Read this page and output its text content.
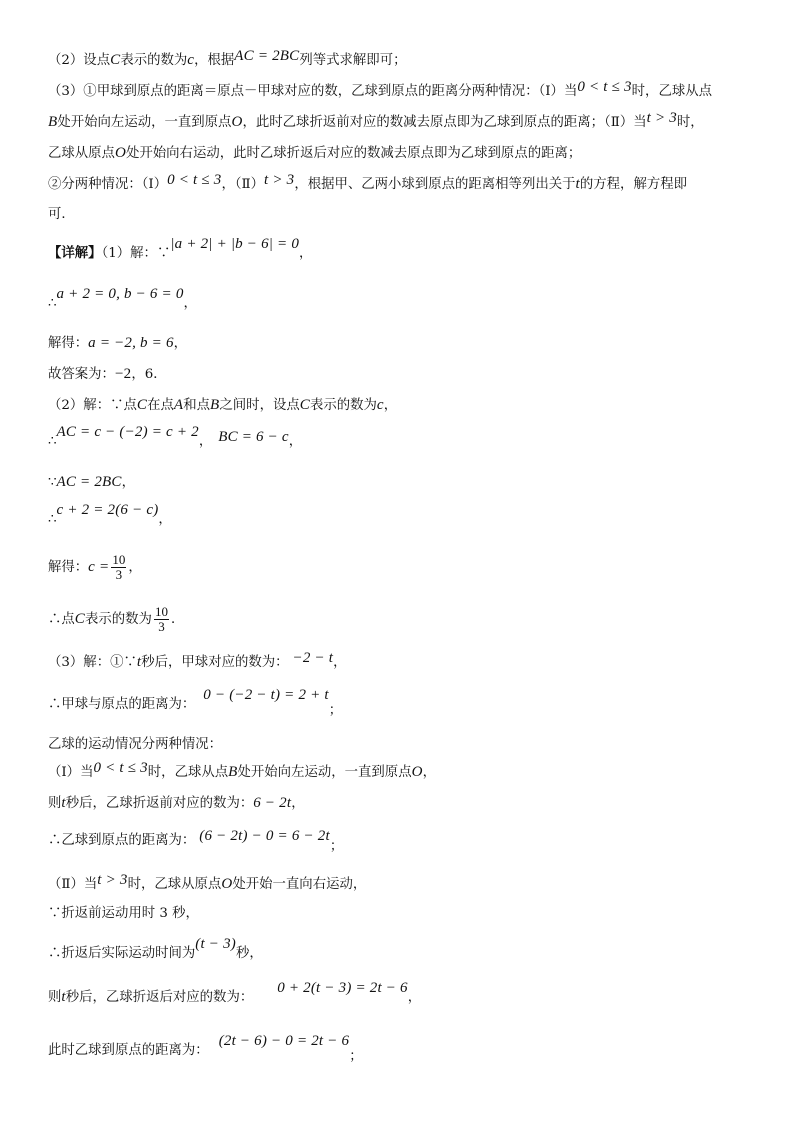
（2）设点C表示的数为c，根据AC = 2BC列等式求解即可；
（3）①甲球到原点的距离＝原点－甲球对应的数，乙球到原点的距离分两种情况：（Ⅰ）当0 < t ≤ 3时，乙球从点
B处开始向左运动，一直到原点O，此时乙球折返前对应的数减去原点即为乙球到原点的距离；（Ⅱ）当t > 3时，
乙球从原点O处开始向右运动，此时乙球折返后对应的数减去原点即为乙球到原点的距离；
②分两种情况：（Ⅰ）0 < t ≤ 3，（Ⅱ）t > 3，根据甲、乙两小球到原点的距离相等列出关于t的方程，解方程即
可．
【详解】（1）解：∵|a + 2| + |b − 6| = 0，
∴a + 2 = 0, b − 6 = 0，
解得：a = −2, b = 6，
故答案为：−2，6．
（2）解：∵点C在点A和点B之间时，设点C表示的数为c，
∴AC = c − (−2) = c + 2， BC = 6 − c，
∵AC = 2BC，
∴c + 2 = 2(6 − c)，
解得：$c = \frac{10}{3}$ ，
∴点C表示的数为 $\frac{10}{3}$ ．
（3）解：①∵t秒后，甲球对应的数为： −2 − t，
∴甲球与原点的距离为：0 − (−2 − t) = 2 + t；
乙球的运动情况分两种情况：
（Ⅰ）当0 < t ≤ 3时，乙球从点B处开始向左运动，一直到原点O，
则t秒后，乙球折返前对应的数为：6 − 2t，
∴乙球到原点的距离为： (6 − 2t) − 0 = 6 − 2t；
（Ⅱ）当t > 3时，乙球从原点O处开始一直向右运动，
∵折返前运动用时 3 秒，
∴折返后实际运动时间为(t − 3)秒，
则t秒后，乙球折返后对应的数为：0 + 2(t − 3) = 2t − 6，
此时乙球到原点的距离为：(2t − 6) − 0 = 2t − 6；
